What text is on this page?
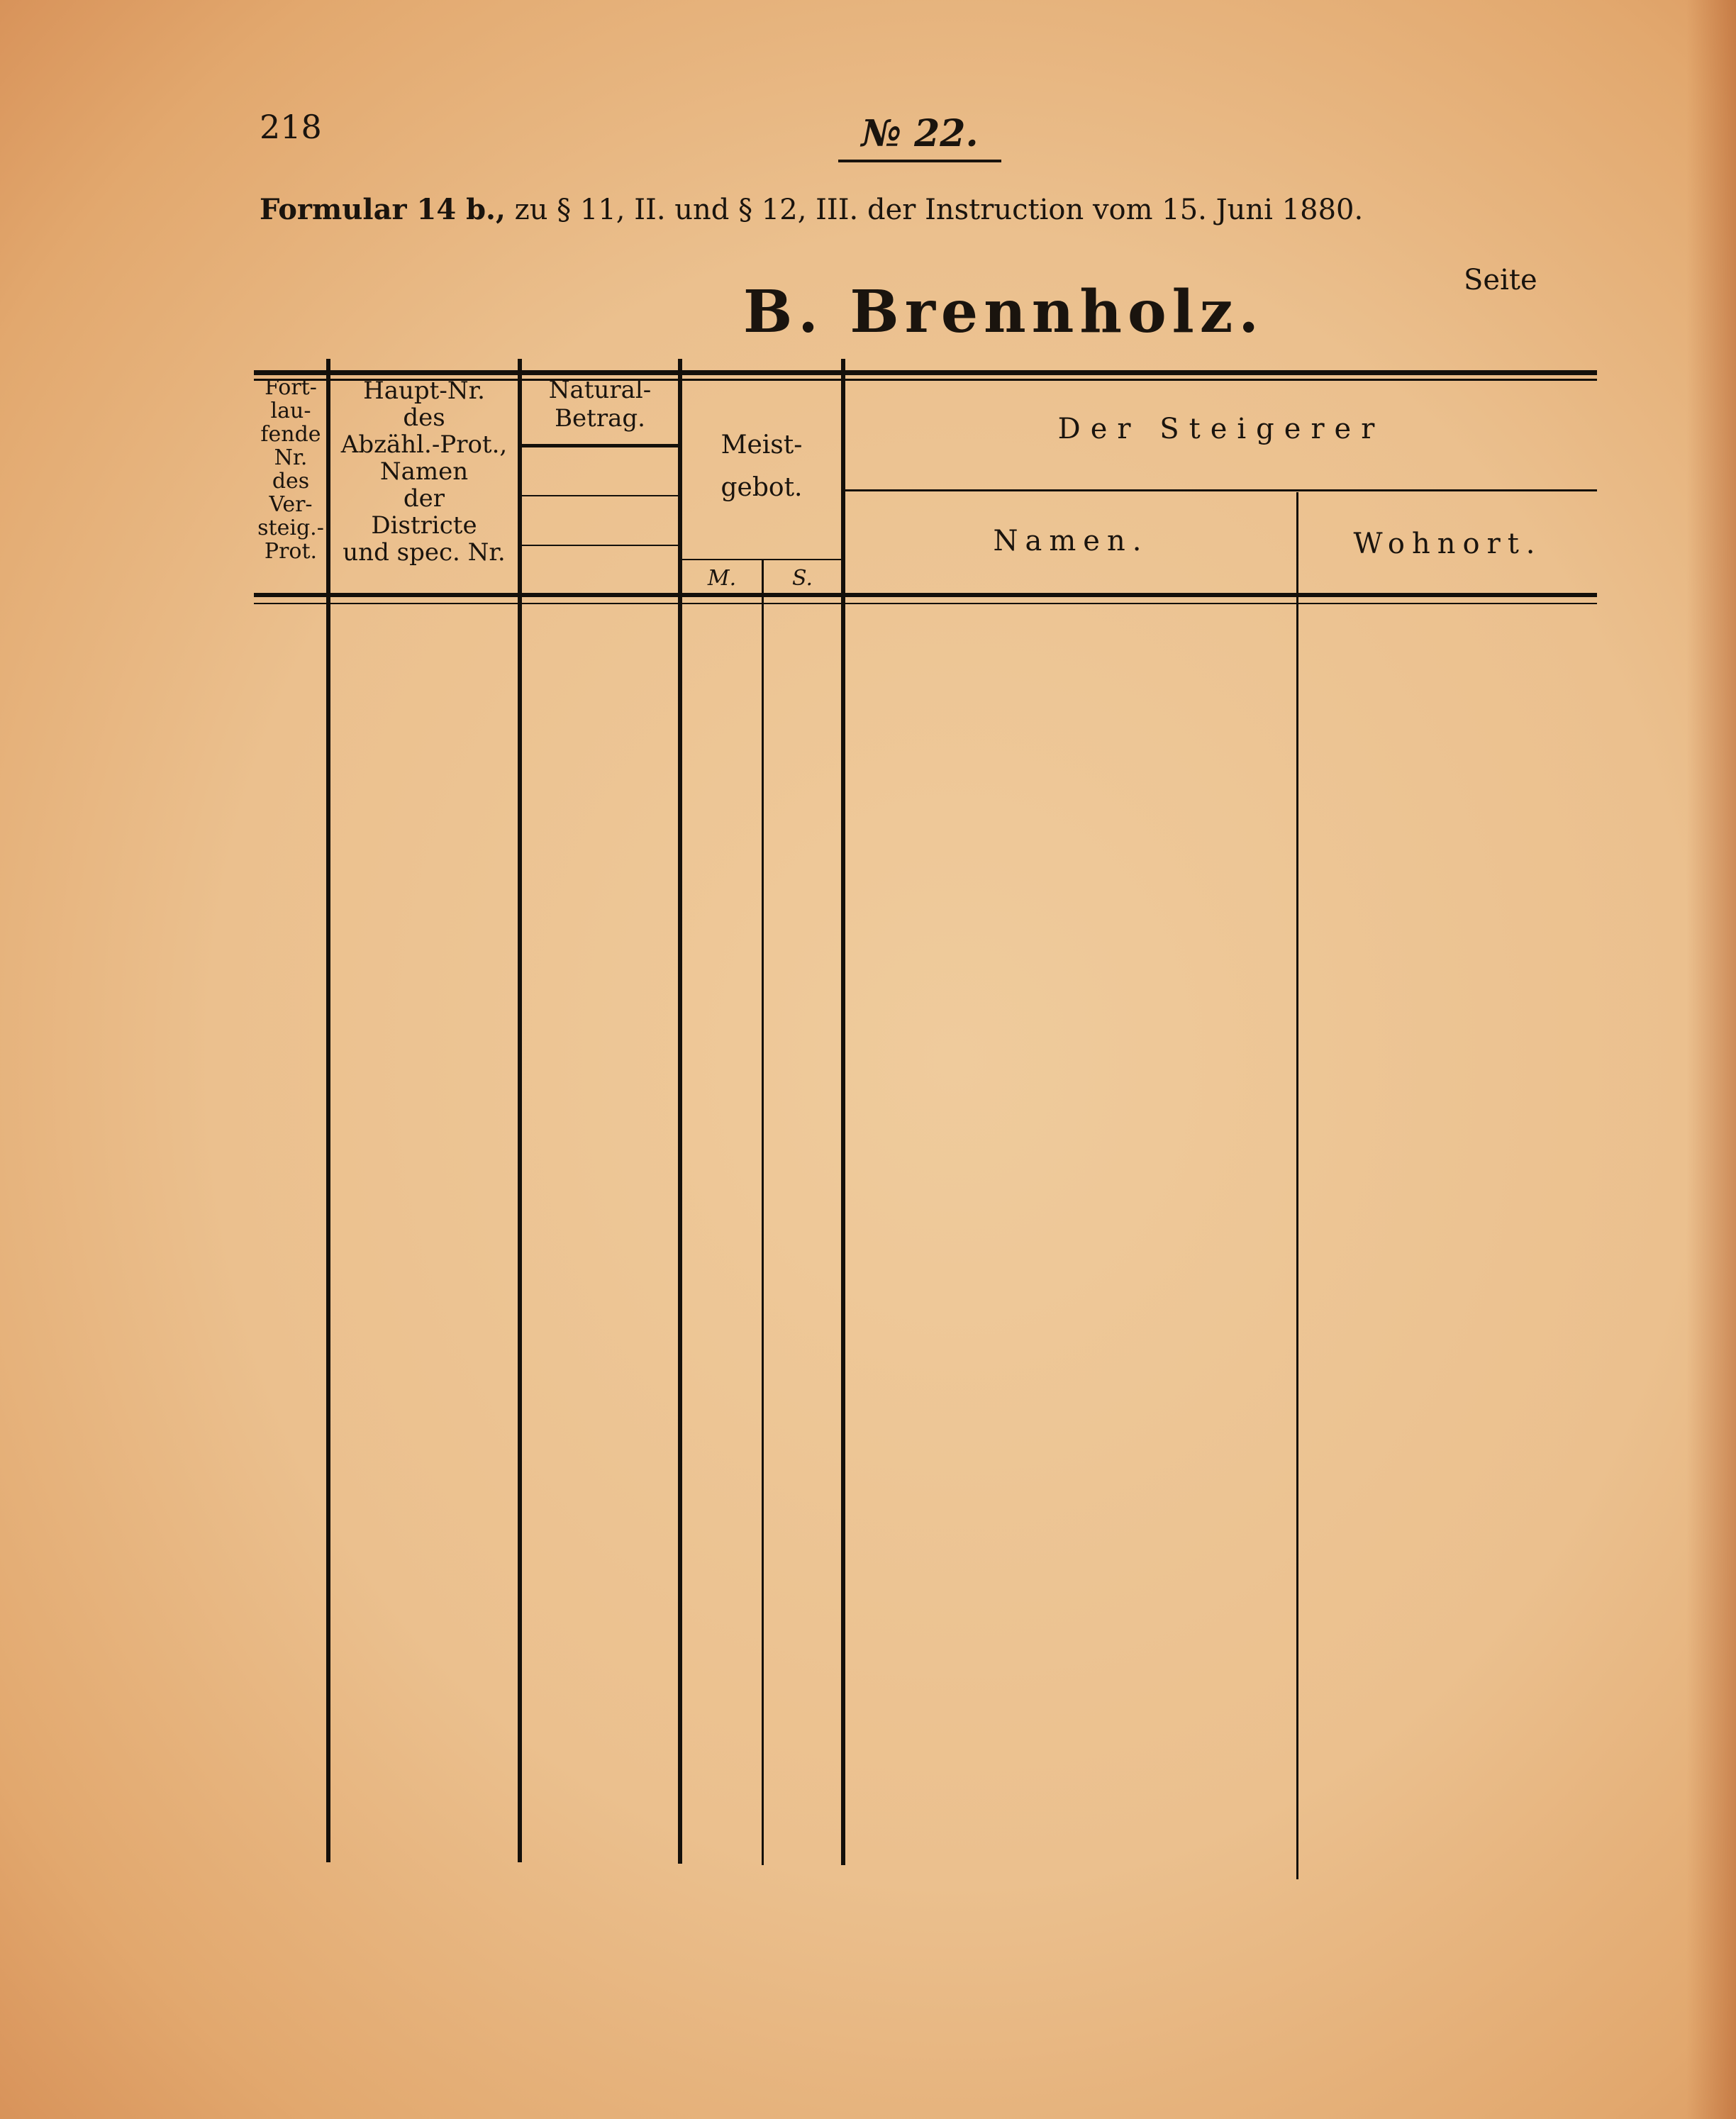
218	№ 22.
Formular 14 b., zu § 11, II. und § 12, III. der Instruction vom 15. Juni 1880.
Seite
B. Brennholz.
Fort-
lau-
fende
Nr.
des
Ver-
steig.-
Prot.
Haupt-Nr.
des
Abzähl.-Prot.,
Namen
der
Districte
und spec. Nr.
Natural-
Betrag.
Meist-
gebot.
M.	S.
Der Steigerer
Namen.	Wohnort.
